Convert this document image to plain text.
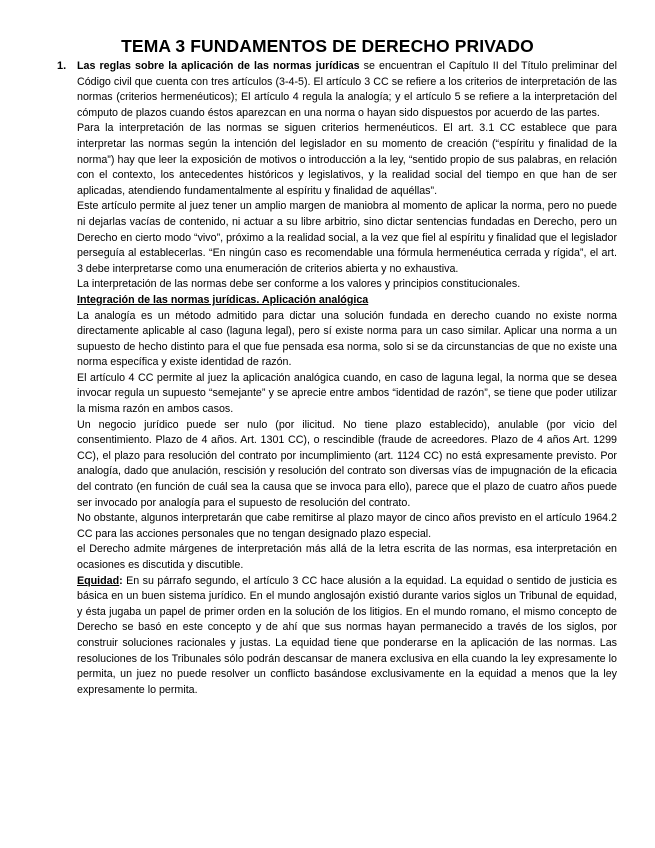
TEMA 3 FUNDAMENTOS DE DERECHO PRIVADO
1. Las reglas sobre la aplicación de las normas jurídicas se encuentran el Capítulo II del Título preliminar del Código civil que cuenta con tres artículos (3-4-5). El artículo 3 CC se refiere a los criterios de interpretación de las normas (criterios hermenéuticos); El artículo 4 regula la analogía; y el artículo 5 se refiere a la interpretación del cómputo de plazos cuando éstos aparezcan en una norma o hayan sido dispuestos por acuerdo de las partes.

Para la interpretación de las normas se siguen criterios hermenéuticos. El art. 3.1 CC establece que para interpretar las normas según la intención del legislador en su momento de creación (“espíritu y finalidad de la norma”) hay que leer la exposición de motivos o introducción a la ley, “sentido propio de sus palabras, en relación con el contexto, los antecedentes históricos y legislativos, y la realidad social del tiempo en que han de ser aplicadas, atendiendo fundamentalmente al espíritu y finalidad de aquéllas”.

Este artículo permite al juez tener un amplio margen de maniobra al momento de aplicar la norma, pero no puede ni dejarlas vacías de contenido, ni actuar a su libre arbitrio, sino dictar sentencias fundadas en Derecho, pero un Derecho en cierto modo “vivo”, próximo a la realidad social, a la vez que fiel al espíritu y finalidad que el legislador perseguía al establecerlas. “En ningún caso es recomendable una fórmula hermenéutica cerrada y rígida”, el art. 3 debe interpretarse como una enumeración de criterios abierta y no exhaustiva.

La interpretación de las normas debe ser conforme a los valores y principios constitucionales.

Integración de las normas jurídicas. Aplicación analógica

La analogía es un método admitido para dictar una solución fundada en derecho cuando no existe norma directamente aplicable al caso (laguna legal), pero sí existe norma para un caso similar. Aplicar una norma a un supuesto de hecho distinto para el que fue pensada esa norma, solo si se da circunstancias de que no existe una norma específica y existe identidad de razón.

El artículo 4 CC permite al juez la aplicación analógica cuando, en caso de laguna legal, la norma que se desea invocar regula un supuesto “semejante” y se aprecie entre ambos “identidad de razón”, se tiene que poder utilizar la misma razón en ambos casos.

Un negocio jurídico puede ser nulo (por ilicitud. No tiene plazo establecido), anulable (por vicio del consentimiento. Plazo de 4 años. Art. 1301 CC), o rescindible (fraude de acreedores. Plazo de 4 años Art. 1299 CC), el plazo para resolución del contrato por incumplimiento (art. 1124 CC) no está expresamente previsto. Por analogía, dado que anulación, rescisión y resolución del contrato son diversas vías de impugnación de la eficacia del contrato (en función de cuál sea la causa que se invoca para ello), parece que el plazo de cuatro años puede ser invocado por analogía para el supuesto de resolución del contrato.

No obstante, algunos interpretarán que cabe remitirse al plazo mayor de cinco años previsto en el artículo 1964.2 CC para las acciones personales que no tengan designado plazo especial.

el Derecho admite márgenes de interpretación más allá de la letra escrita de las normas, esa interpretación en ocasiones es discutida y discutible.

Equidad: En su párrafo segundo, el artículo 3 CC hace alusión a la equidad. La equidad o sentido de justicia es básica en un buen sistema jurídico. En el mundo anglosajón existió durante varios siglos un Tribunal de equidad, y ésta jugaba un papel de primer orden en la solución de los litigios. En el mundo romano, el mismo concepto de Derecho se basó en este concepto y de ahí que sus normas hayan permanecido a través de los siglos, por construir soluciones racionales y justas. La equidad tiene que ponderarse en la aplicación de las normas. Las resoluciones de los Tribunales sólo podrán descansar de manera exclusiva en ella cuando la ley expresamente lo permita, un juez no puede resolver un conflicto basándose exclusivamente en la equidad a menos que la ley expresamente lo permita.
